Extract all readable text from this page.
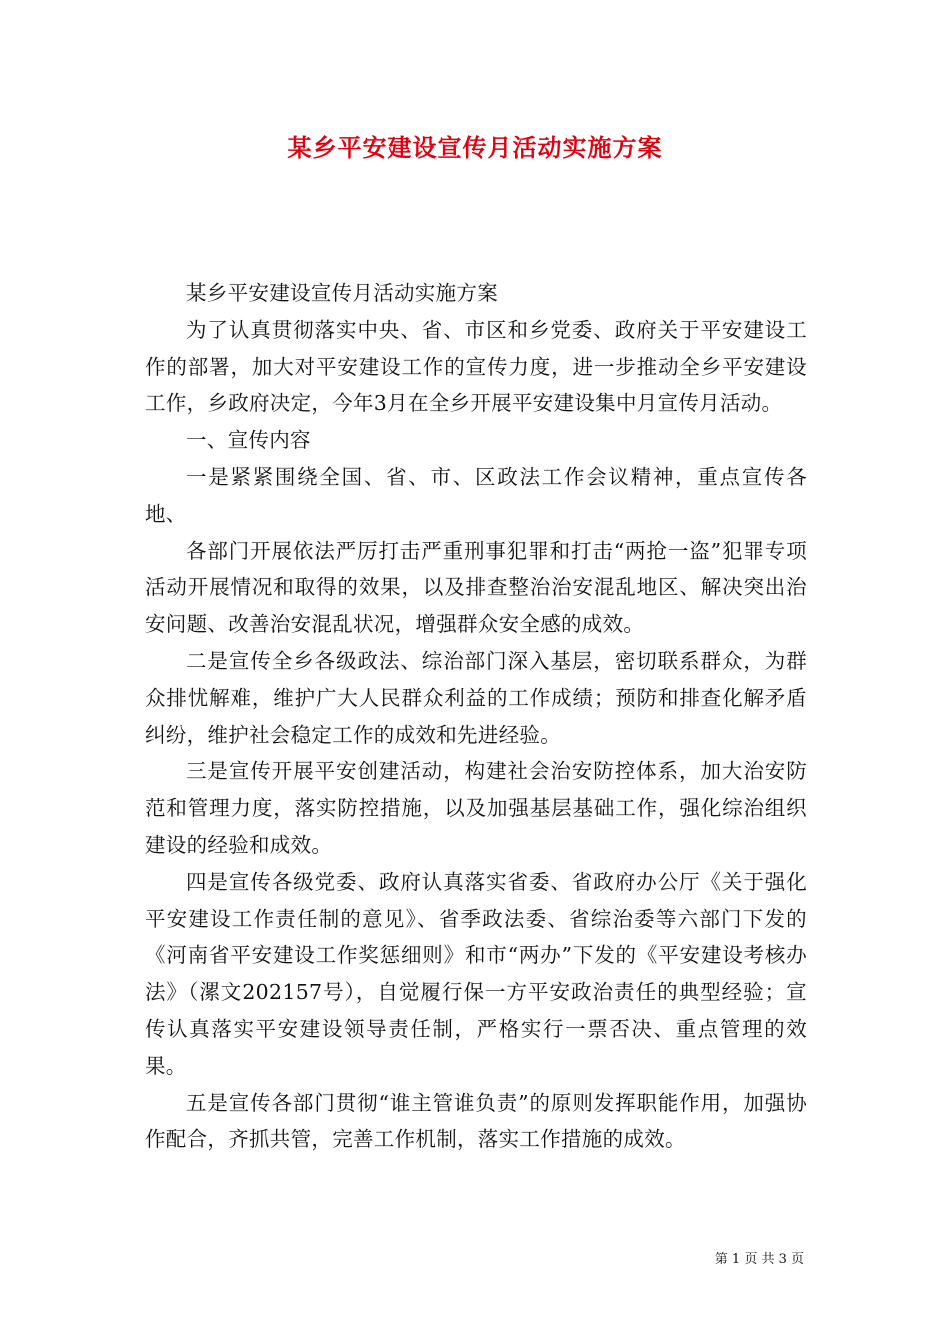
某乡平安建设宣传月活动实施方案

某乡平安建设宣传月活动实施方案

为了认真贯彻落实中央、省、市区和乡党委、政府关于平安建设工作的部署，加大对平安建设工作的宣传力度，进一步推动全乡平安建设工作，乡政府决定，今年3月在全乡开展平安建设集中月宣传月活动。

一、宣传内容

一是紧紧围绕全国、省、市、区政法工作会议精神，重点宣传各地、

各部门开展依法严厉打击严重刑事犯罪和打击“两抢一盗”犯罪专项活动开展情况和取得的效果，以及排查整治治安混乱地区、解决突出治安问题、改善治安混乱状况，增强群众安全感的成效。

二是宣传全乡各级政法、综治部门深入基层，密切联系群众，为群众排忧解难，维护广大人民群众利益的工作成绩；预防和排查化解矛盾纠纷，维护社会稳定工作的成效和先进经验。

三是宣传开展平安创建活动，构建社会治安防控体系，加大治安防范和管理力度，落实防控措施，以及加强基层基础工作，强化综治组织建设的经验和成效。

四是宣传各级党委、政府认真落实省委、省政府办公厅《关于强化平安建设工作责任制的意见》、省季政法委、省综治委等六部门下发的《河南省平安建设工作奖惩细则》和市“两办”下发的《平安建设考核办法》（漯文202157号），自觉履行保一方平安政治责任的典型经验；宣传认真落实平安建设领导责任制，严格实行一票否决、重点管理的效果。

五是宣传各部门贯彻“谁主管谁负责”的原则发挥职能作用，加强协作配合，齐抓共管，完善工作机制，落实工作措施的成效。

第 1 页 共 3 页
